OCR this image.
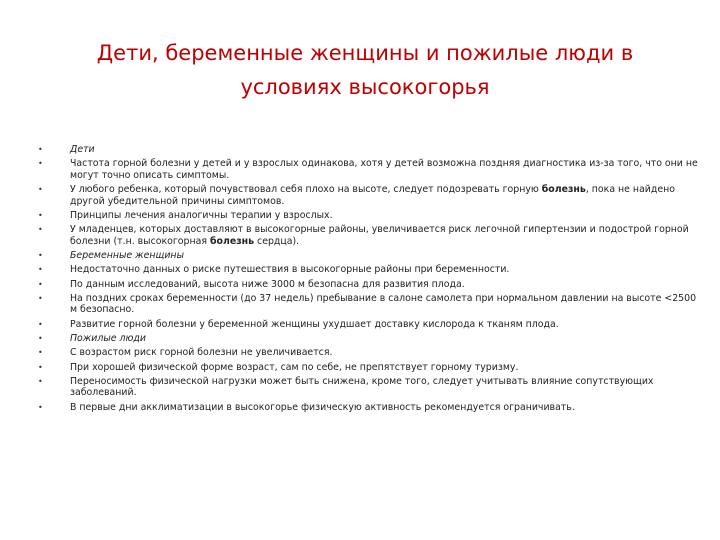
Дети, беременные женщины и пожилые люди в
условиях высокогорья
•	Дети
•	Частота горной болезни у детей и у взрослых одинакова, хотя у детей возможна поздняя диагностика из-за того, что они не могут точно описать симптомы.
•	У любого ребенка, который почувствовал себя плохо на высоте, следует подозревать горную болезнь, пока не найдено другой убедительной причины симптомов.
•	Принципы лечения аналогичны терапии у взрослых.
•	У младенцев, которых доставляют в высокогорные районы, увеличивается риск легочной гипертензии и подострой горной болезни (т.н. высокогорная болезнь сердца).
•	Беременные женщины
•	Недостаточно данных о риске путешествия в высокогорные районы при беременности.
•	По данным исследований, высота ниже 3000 м безопасна для развития плода.
•	На поздних сроках беременности (до 37 недель) пребывание в салоне самолета при нормальном давлении на высоте <2500 м безопасно.
•	Развитие горной болезни у беременной женщины ухудшает доставку кислорода к тканям плода.
•	Пожилые люди
•	С возрастом риск горной болезни не увеличивается.
•	При хорошей физической форме возраст, сам по себе, не препятствует горному туризму.
•	Переносимость физической нагрузки может быть снижена, кроме того, следует учитывать влияние сопутствующих заболеваний.
•	В первые дни акклиматизации в высокогорье физическую активность рекомендуется ограничивать.
